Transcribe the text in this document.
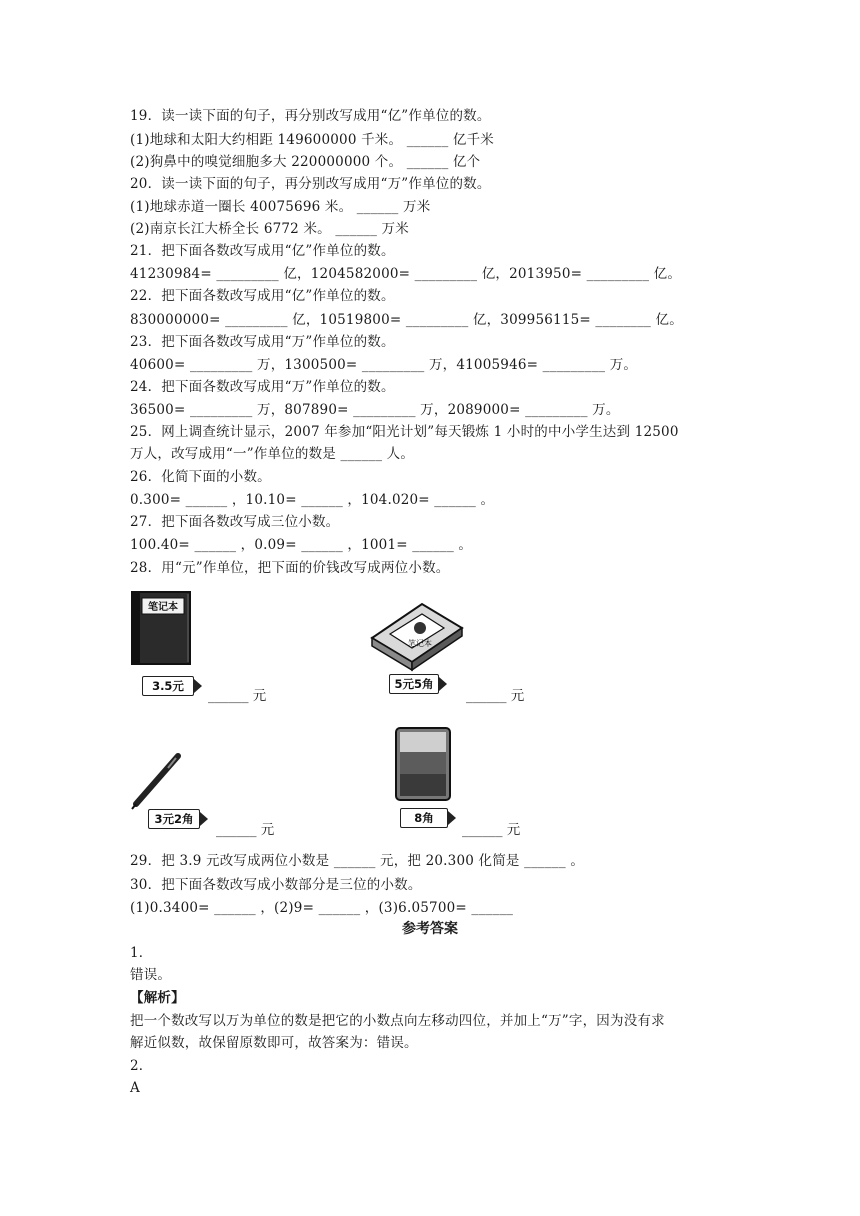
19．读一读下面的句子，再分别改写成用“亿”作单位的数。
(1)地球和太阳大约相距 149600000 千米。 ______ 亿千米
(2)狗鼻中的嗅觉细胞多大 220000000 个。 ______ 亿个
20．读一读下面的句子，再分别改写成用“万”作单位的数。
(1)地球赤道一圈长 40075696 米。 ______ 万米
(2)南京长江大桥全长 6772 米。 ______ 万米
21．把下面各数改写成用“亿”作单位的数。
41230984= _________ 亿，1204582000= _________ 亿，2013950= _________ 亿。
22．把下面各数改写成用“亿”作单位的数。
830000000= _________ 亿，10519800= _________ 亿，309956115= ________ 亿。
23．把下面各数改写成用“万”作单位的数。
40600= _________ 万，1300500= _________ 万，41005946= _________ 万。
24．把下面各数改写成用“万”作单位的数。
36500= _________ 万，807890= _________ 万，2089000= _________ 万。
25．网上调查统计显示，2007 年参加“阳光计划”每天锻炼 1 小时的中小学生达到 12500
万人，改写成用“一”作单位的数是 ______ 人。
26．化简下面的小数。
0.300= ______ ，10.10= ______ ，104.020= ______ 。
27．把下面各数改写成三位小数。
100.40= ______ ，0.09= ______ ，1001= ______ 。
28．用“元”作单位，把下面的价钱改写成两位小数。
笔记本
3.5元
______ 元
笔记本
5元5角
______ 元
3元2角
______ 元
8角
______ 元
29．把 3.9 元改写成两位小数是 ______ 元，把 20.300 化简是 ______ 。
30．把下面各数改写成小数部分是三位的小数。
(1)0.3400= ______ ，(2)9= ______ ，(3)6.05700= ______
参考答案
1．
错误。
【解析】
把一个数改写以万为单位的数是把它的小数点向左移动四位，并加上“万”字，因为没有求
解近似数，故保留原数即可，故答案为：错误。
2．
A
